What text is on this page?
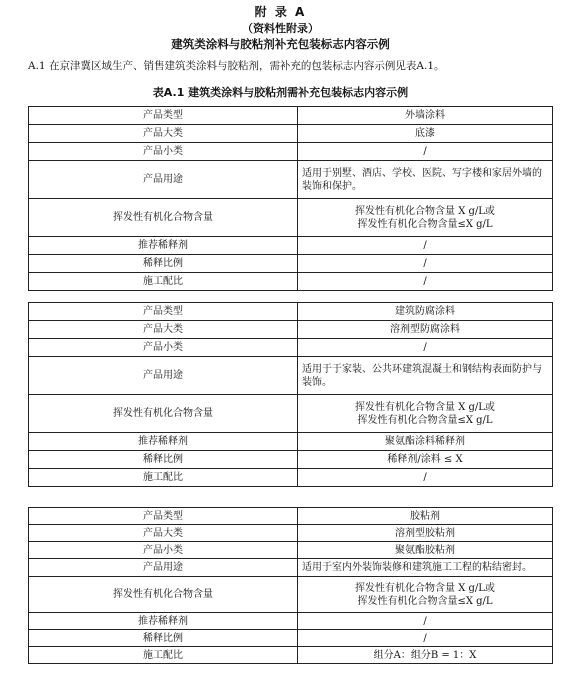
附 录 A
（资料性附录）
建筑类涂料与胶粘剂补充包装标志内容示例
A.1 在京津冀区域生产、销售建筑类涂料与胶粘剂，需补充的包装标志内容示例见表A.1。
表A.1 建筑类涂料与胶粘剂需补充包装标志内容示例
产品类型	外墙涂料
产品大类	底漆
产品小类	/
产品用途	适用于别墅、酒店、学校、医院、写字楼和家居外墙的装饰和保护。
挥发性有机化合物含量	挥发性有机化合物含量 X g/L或
挥发性有机化合物含量≤X g/L

推荐稀释剂	/
稀释比例	/
施工配比	/
产品类型	建筑防腐涂料
产品大类	溶剂型防腐涂料
产品小类	/
产品用途	适用于于家装、公共环建筑混凝土和钢结构表面防护与装饰。
挥发性有机化合物含量	挥发性有机化合物含量 X g/L或
挥发性有机化合物含量≤X g/L

推荐稀释剂	聚氨酯涂料稀释剂
稀释比例	稀释剂/涂料 ≤ X
施工配比	/
产品类型	胶粘剂
产品大类	溶剂型胶粘剂
产品小类	聚氨酯胶粘剂
产品用途	适用于室内外装饰装修和建筑施工工程的粘结密封。
挥发性有机化合物含量	挥发性有机化合物含量 X g/L或
挥发性有机化合物含量≤X g/L

推荐稀释剂	/
稀释比例	/
施工配比	组分A：组分B = 1：X
